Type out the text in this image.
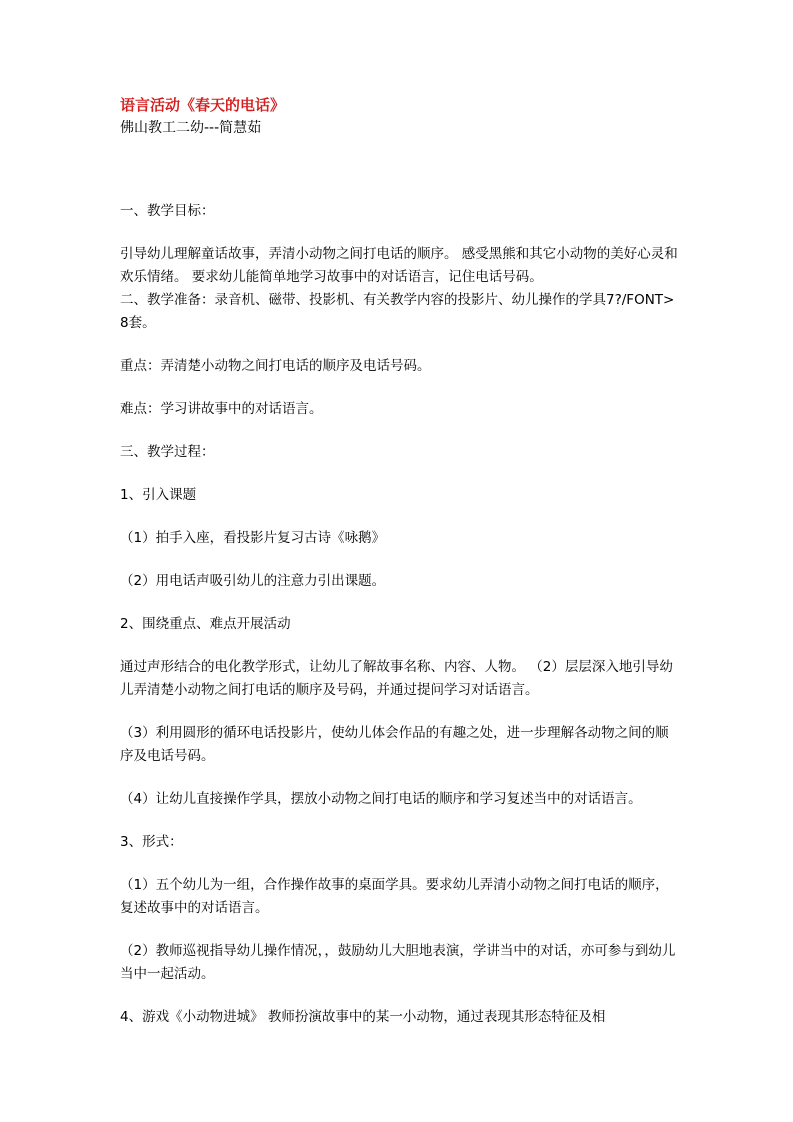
语言活动《春天的电话》
佛山教工二幼---简慧茹

一、教学目标：

引导幼儿理解童话故事，弄清小动物之间打电话的顺序。 感受黑熊和其它小动物的美好心灵和欢乐情绪。 要求幼儿能简单地学习故事中的对话语言，记住电话号码。

二、教学准备：录音机、磁带、投影机、有关教学内容的投影片、幼儿操作的学具7?/FONT>8套。

重点：弄清楚小动物之间打电话的顺序及电话号码。

难点：学习讲故事中的对话语言。

三、教学过程：

1、引入课题

（1）拍手入座，看投影片复习古诗《咏鹅》

（2）用电话声吸引幼儿的注意力引出课题。

2、围绕重点、难点开展活动

通过声形结合的电化教学形式，让幼儿了解故事名称、内容、人物。 （2）层层深入地引导幼儿弄清楚小动物之间打电话的顺序及号码，并通过提问学习对话语言。

（3）利用圆形的循环电话投影片，使幼儿体会作品的有趣之处，进一步理解各动物之间的顺序及电话号码。

（4）让幼儿直接操作学具，摆放小动物之间打电话的顺序和学习复述当中的对话语言。

3、形式：

（1）五个幼儿为一组，合作操作故事的桌面学具。要求幼儿弄清小动物之间打电话的顺序，复述故事中的对话语言。

（2）教师巡视指导幼儿操作情况，，鼓励幼儿大胆地表演，学讲当中的对话，亦可参与到幼儿当中一起活动。

4、游戏《小动物进城》 教师扮演故事中的某一小动物，通过表现其形态特征及相
